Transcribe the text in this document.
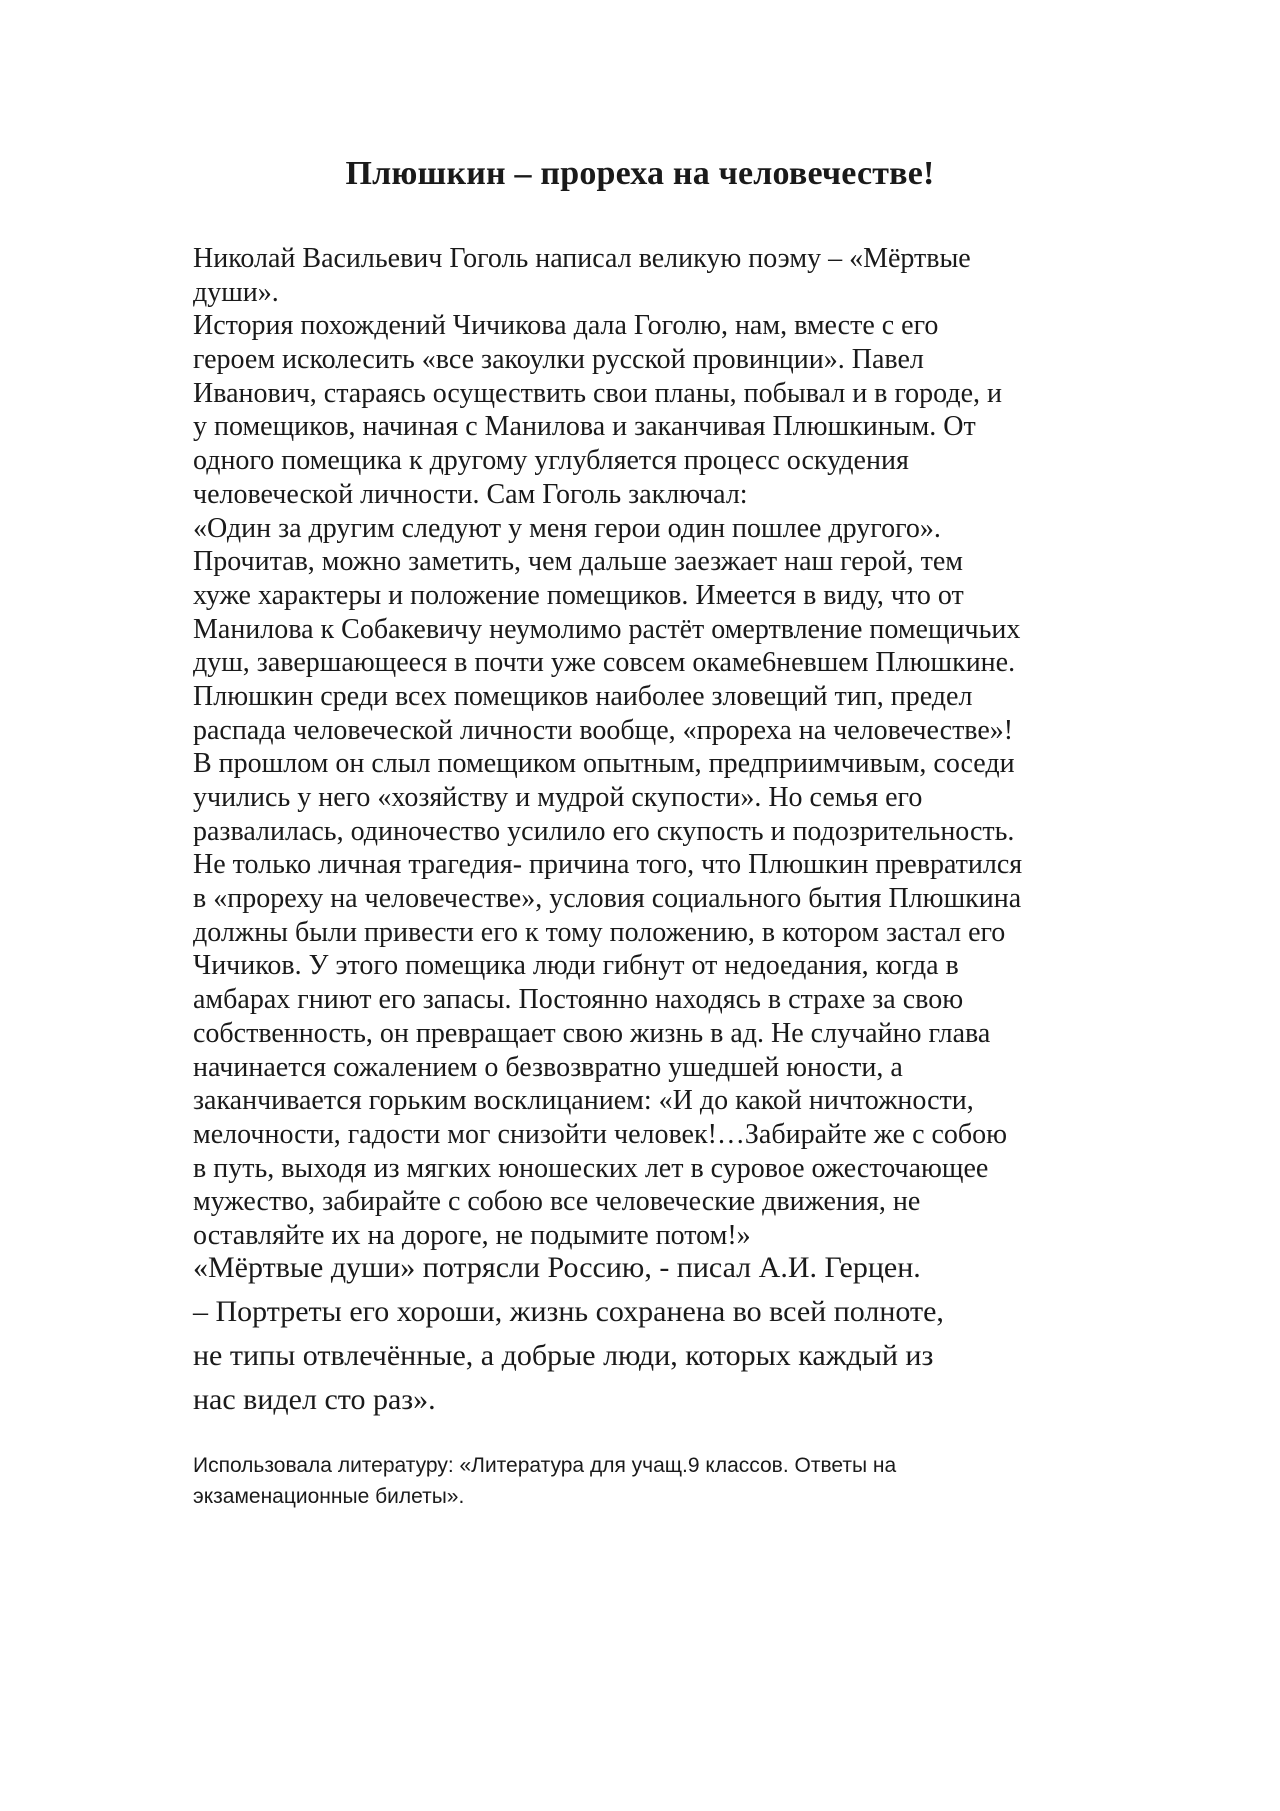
Плюшкин – прореха на человечестве!
Николай Васильевич Гоголь написал великую поэму – «Мёртвые
души».
История похождений Чичикова дала Гоголю, нам, вместе с его
героем исколесить «все закоулки русской провинции». Павел
Иванович, стараясь осуществить свои планы, побывал и в городе, и
у помещиков, начиная с Манилова и заканчивая Плюшкиным. От
одного помещика к другому углубляется процесс оскудения
человеческой личности. Сам Гоголь заключал:
«Один за другим следуют у меня герои один пошлее другого».
Прочитав, можно заметить, чем дальше заезжает наш герой, тем
хуже характеры и положение помещиков. Имеется в виду, что от
Манилова к Собакевичу неумолимо растёт омертвление помещичьих
душ, завершающееся в почти уже совсем окаме6невшем Плюшкине.
Плюшкин среди всех помещиков наиболее зловещий тип, предел
распада человеческой личности вообще, «прореха на человечестве»!
В прошлом он слыл помещиком опытным, предприимчивым, соседи
учились у него «хозяйству и мудрой скупости». Но семья его
развалилась, одиночество усилило его скупость и подозрительность.
Не только личная трагедия- причина того, что Плюшкин превратился
в «прореху на человечестве», условия социального бытия Плюшкина
должны были привести его к тому положению, в котором застал его
Чичиков. У этого помещика люди гибнут от недоедания, когда в
амбарах гниют его запасы. Постоянно находясь в страхе за свою
собственность, он превращает свою жизнь в ад. Не случайно глава
начинается сожалением о безвозвратно ушедшей юности, а
заканчивается горьким восклицанием: «И до какой ничтожности,
мелочности, гадости мог снизойти человек!…Забирайте же с собою
в путь, выходя из мягких юношеских лет в суровое ожесточающее
мужество, забирайте с собою все человеческие движения, не
оставляйте их на дороге, не подымите потом!»
«Мёртвые души» потрясли Россию, - писал А.И. Герцен.
– Портреты его хороши, жизнь сохранена во всей полноте,
не типы отвлечённые, а добрые люди, которых каждый из
нас видел сто раз».
Использовала литературу: «Литература для учащ.9 классов. Ответы на
экзаменационные билеты».
